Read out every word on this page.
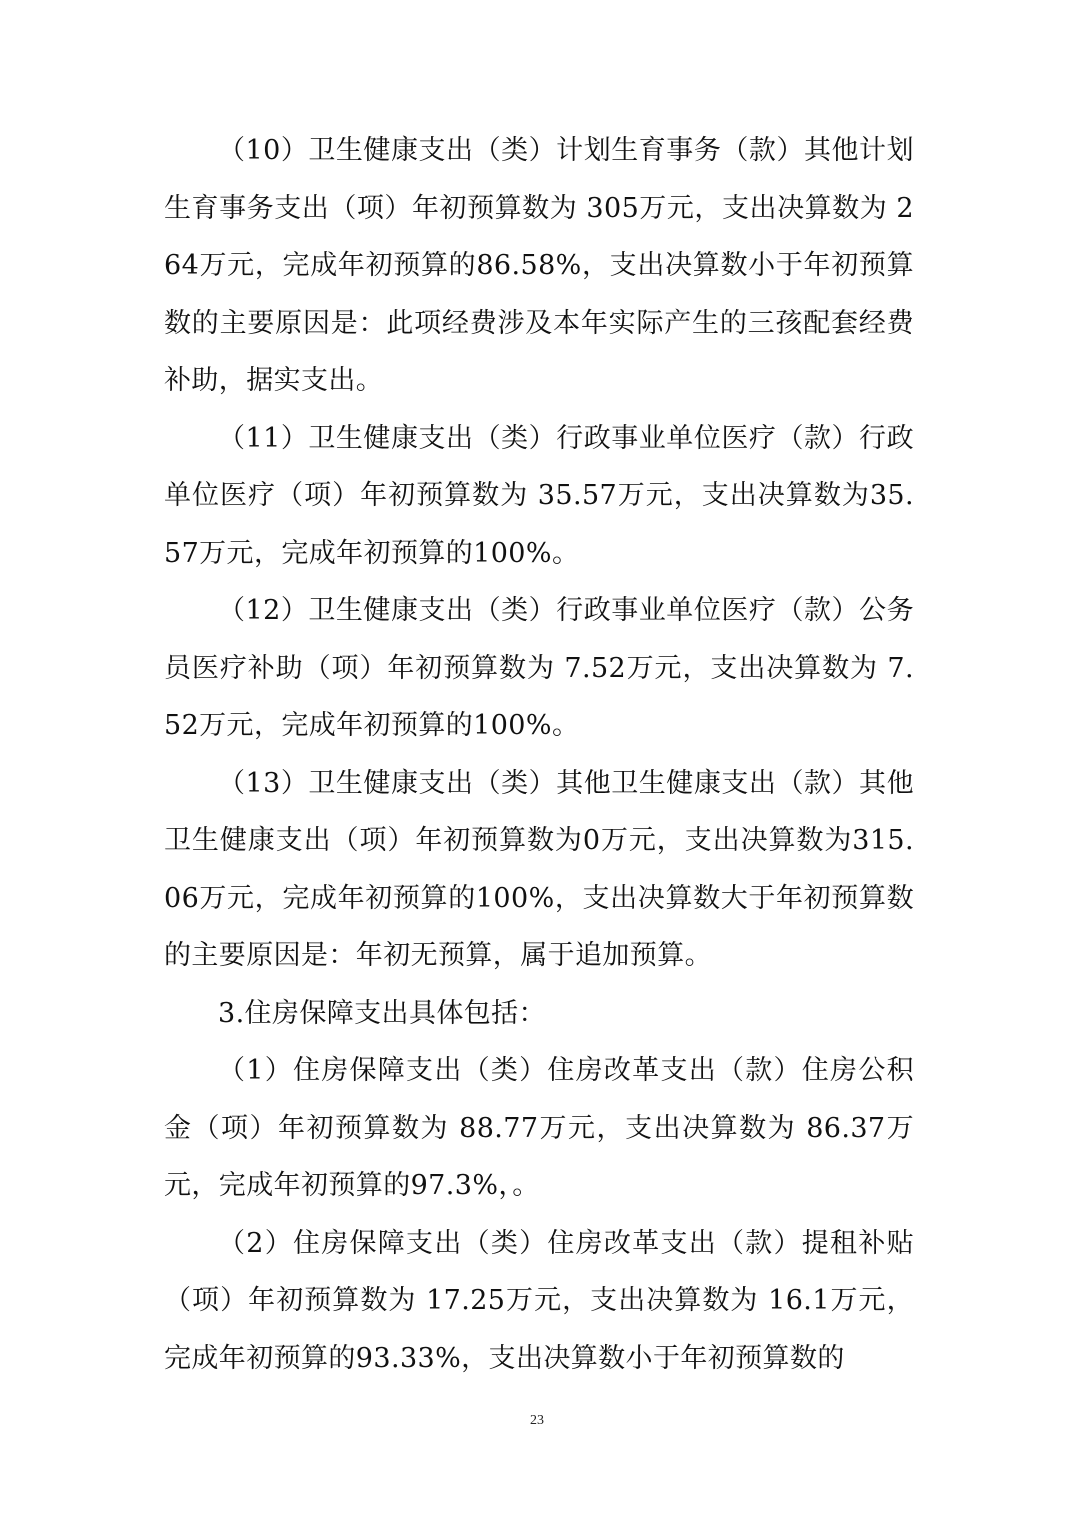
（10）卫生健康支出（类）计划生育事务（款）其他计划生育事务支出（项）年初预算数为 305万元，支出决算数为 264万元，完成年初预算的86.58%，支出决算数小于年初预算数的主要原因是：此项经费涉及本年实际产生的三孩配套经费补助，据实支出。

（11）卫生健康支出（类）行政事业单位医疗（款）行政单位医疗（项）年初预算数为 35.57万元，支出决算数为35.57万元，完成年初预算的100%。

（12）卫生健康支出（类）行政事业单位医疗（款）公务员医疗补助（项）年初预算数为 7.52万元，支出决算数为 7.52万元，完成年初预算的100%。

（13）卫生健康支出（类）其他卫生健康支出（款）其他卫生健康支出（项）年初预算数为0万元，支出决算数为315.06万元，完成年初预算的100%，支出决算数大于年初预算数的主要原因是：年初无预算，属于追加预算。

3.住房保障支出具体包括：

（1）住房保障支出（类）住房改革支出（款）住房公积金（项）年初预算数为 88.77万元，支出决算数为 86.37万元，完成年初预算的97.3%，。

（2）住房保障支出（类）住房改革支出（款）提租补贴（项）年初预算数为 17.25万元，支出决算数为 16.1万元，完成年初预算的93.33%，支出决算数小于年初预算数的

23
